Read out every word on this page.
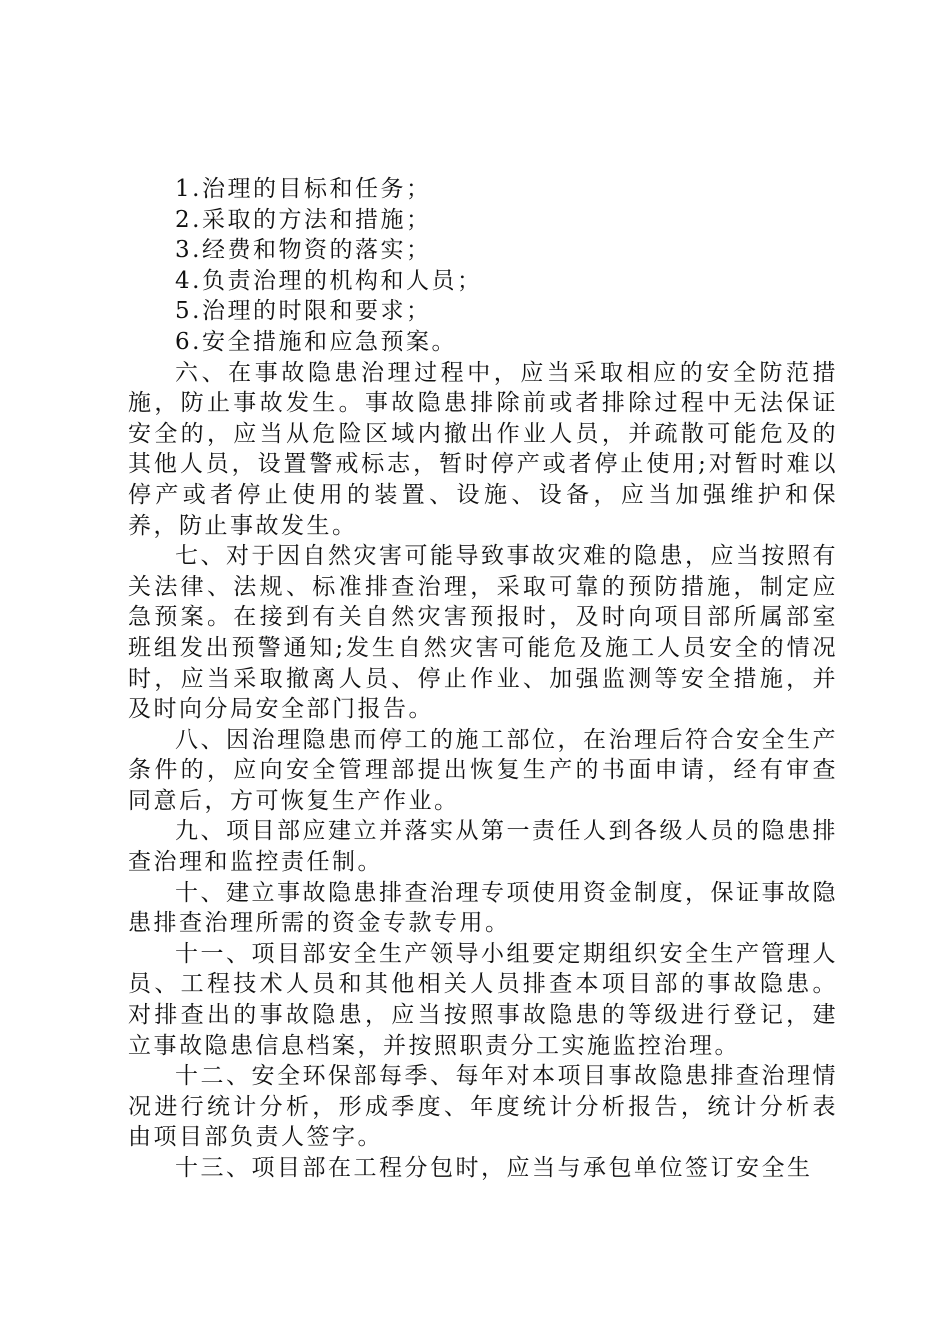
1.治理的目标和任务；

2.采取的方法和措施；

3.经费和物资的落实；

4.负责治理的机构和人员；

5.治理的时限和要求；

6.安全措施和应急预案。

六、在事故隐患治理过程中，应当采取相应的安全防范措施，防止事故发生。事故隐患排除前或者排除过程中无法保证安全的，应当从危险区域内撤出作业人员，并疏散可能危及的其他人员，设置警戒标志，暂时停产或者停止使用;对暂时难以停产或者停止使用的装置、设施、设备，应当加强维护和保养，防止事故发生。

七、对于因自然灾害可能导致事故灾难的隐患，应当按照有关法律、法规、标准排查治理，采取可靠的预防措施，制定应急预案。在接到有关自然灾害预报时，及时向项目部所属部室班组发出预警通知;发生自然灾害可能危及施工人员安全的情况时，应当采取撤离人员、停止作业、加强监测等安全措施，并及时向分局安全部门报告。

八、因治理隐患而停工的施工部位，在治理后符合安全生产条件的，应向安全管理部提出恢复生产的书面申请，经有审查同意后，方可恢复生产作业。

九、项目部应建立并落实从第一责任人到各级人员的隐患排查治理和监控责任制。

十、建立事故隐患排查治理专项使用资金制度，保证事故隐患排查治理所需的资金专款专用。

十一、项目部安全生产领导小组要定期组织安全生产管理人员、工程技术人员和其他相关人员排查本项目部的事故隐患。对排查出的事故隐患，应当按照事故隐患的等级进行登记，建立事故隐患信息档案，并按照职责分工实施监控治理。

十二、安全环保部每季、每年对本项目事故隐患排查治理情况进行统计分析，形成季度、年度统计分析报告，统计分析表由项目部负责人签字。

十三、项目部在工程分包时，应当与承包单位签订安全生
